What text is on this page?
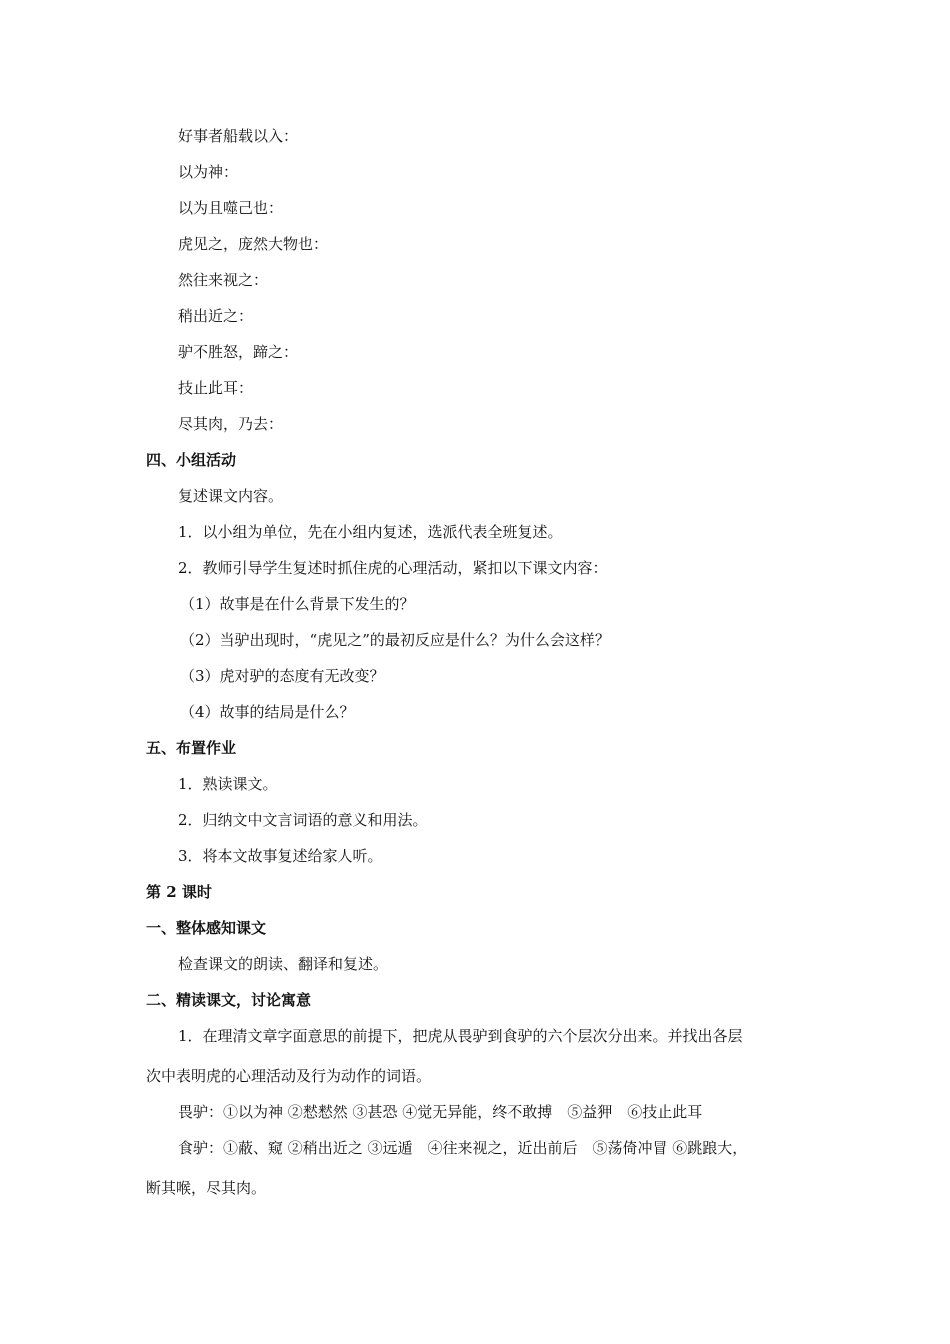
好事者船载以入：
以为神：
以为且噬己也：
虎见之，庞然大物也：
然往来视之：
稍出近之：
驴不胜怒，蹄之：
技止此耳：
尽其肉，乃去：
四、小组活动
复述课文内容。
1．以小组为单位，先在小组内复述，选派代表全班复述。
2．教师引导学生复述时抓住虎的心理活动，紧扣以下课文内容：
（1）故事是在什么背景下发生的？
（2）当驴出现时，“虎见之”的最初反应是什么？为什么会这样？
（3）虎对驴的态度有无改变？
（4）故事的结局是什么？
五、布置作业
1．熟读课文。
2．归纳文中文言词语的意义和用法。
3．将本文故事复述给家人听。
第 2 课时
一、整体感知课文
检查课文的朗读、翻译和复述。
二、精读课文，讨论寓意
1．在理清文章字面意思的前提下，把虎从畏驴到食驴的六个层次分出来。并找出各层
次中表明虎的心理活动及行为动作的词语。
畏驴：①以为神 ②慭慭然 ③甚恐 ④觉无异能，终不敢搏　⑤益狎　⑥技止此耳
食驴：①蔽、窥 ②稍出近之 ③远遁　④往来视之，近出前后　⑤荡倚冲冒 ⑥跳踉大，
断其喉，尽其肉。
